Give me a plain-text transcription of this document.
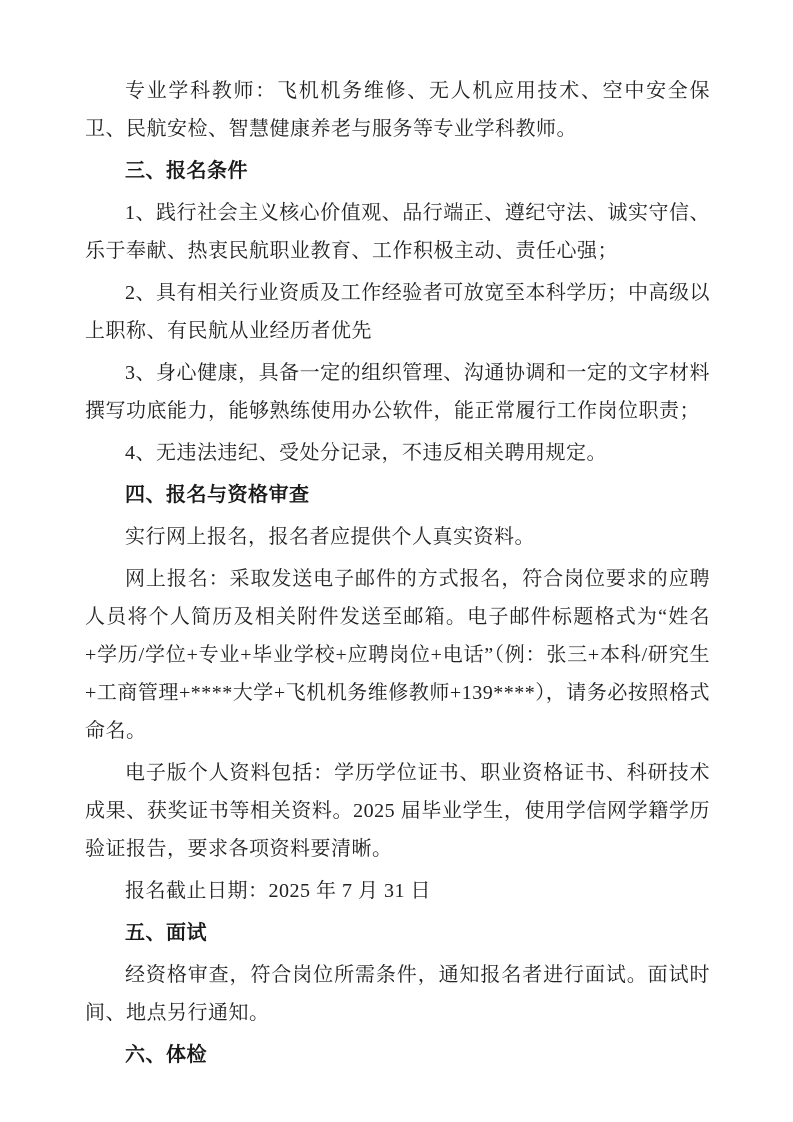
专业学科教师：飞机机务维修、无人机应用技术、空中安全保卫、民航安检、智慧健康养老与服务等专业学科教师。

三、报名条件

1、践行社会主义核心价值观、品行端正、遵纪守法、诚实守信、乐于奉献、热衷民航职业教育、工作积极主动、责任心强；

2、具有相关行业资质及工作经验者可放宽至本科学历；中高级以上职称、有民航从业经历者优先

3、身心健康，具备一定的组织管理、沟通协调和一定的文字材料撰写功底能力，能够熟练使用办公软件，能正常履行工作岗位职责；

4、无违法违纪、受处分记录，不违反相关聘用规定。

四、报名与资格审查

实行网上报名，报名者应提供个人真实资料。

网上报名：采取发送电子邮件的方式报名，符合岗位要求的应聘人员将个人简历及相关附件发送至邮箱。电子邮件标题格式为“姓名+学历/学位+专业+毕业学校+应聘岗位+电话”（例：张三+本科/研究生+工商管理+****大学+飞机机务维修教师+139****），请务必按照格式命名。

电子版个人资料包括：学历学位证书、职业资格证书、科研技术成果、获奖证书等相关资料。2025 届毕业学生，使用学信网学籍学历验证报告，要求各项资料要清晰。

报名截止日期：2025 年 7 月 31 日

五、面试

经资格审查，符合岗位所需条件，通知报名者进行面试。面试时间、地点另行通知。

六、体检
